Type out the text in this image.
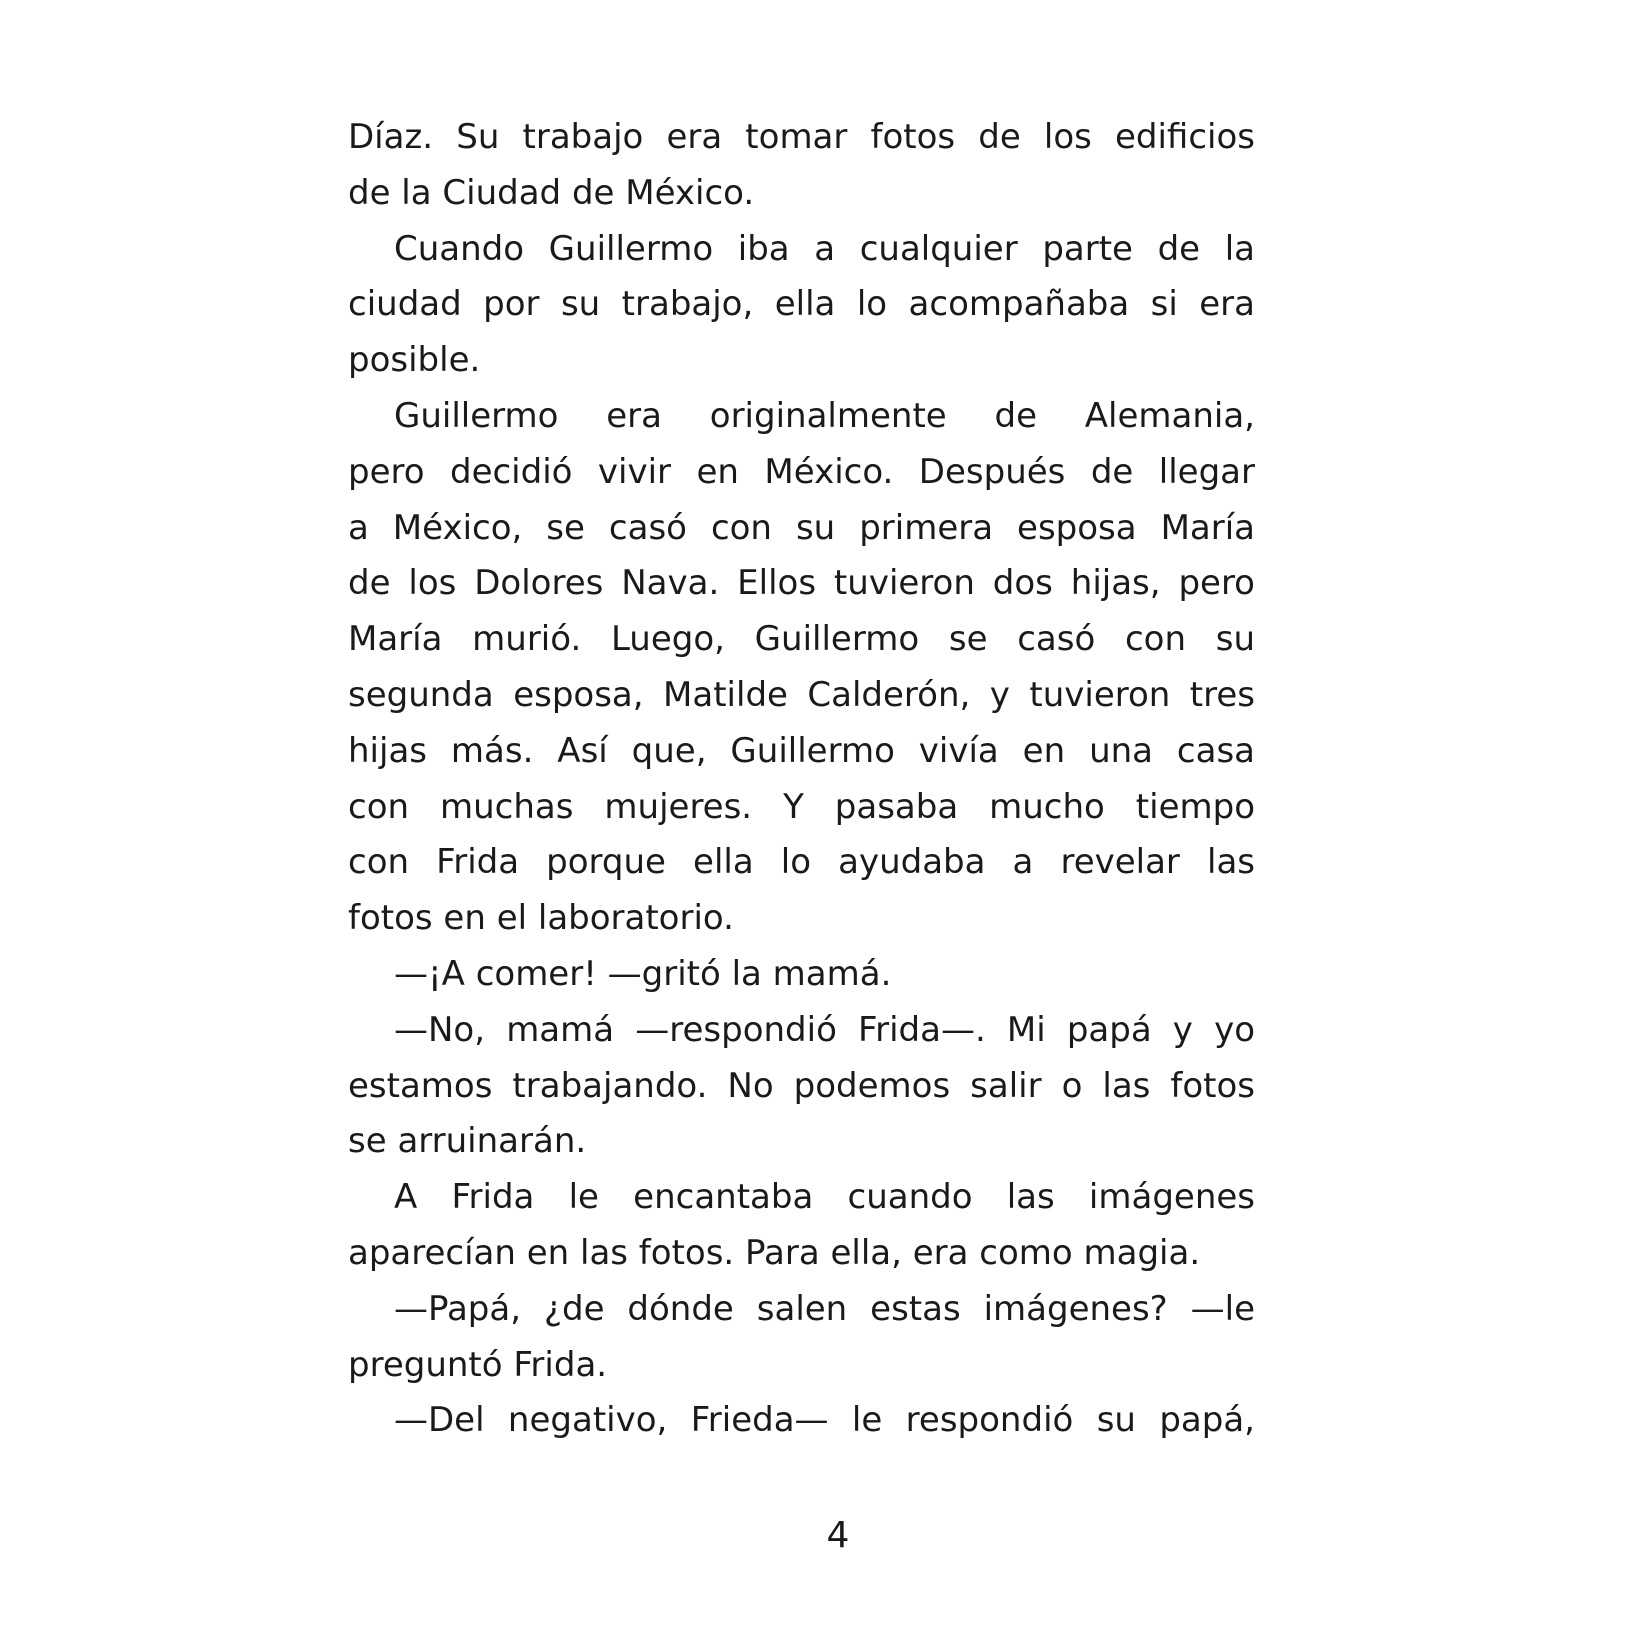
Díaz. Su trabajo era tomar fotos de los edificios
de la Ciudad de México.
Cuando Guillermo iba a cualquier parte de la
ciudad por su trabajo, ella lo acompañaba si era
posible.
Guillermo era originalmente de Alemania,
pero decidió vivir en México. Después de llegar
a México, se casó con su primera esposa María
de los Dolores Nava. Ellos tuvieron dos hijas, pero
María murió. Luego, Guillermo se casó con su
segunda esposa, Matilde Calderón, y tuvieron tres
hijas más. Así que, Guillermo vivía en una casa
con muchas mujeres. Y pasaba mucho tiempo
con Frida porque ella lo ayudaba a revelar las
fotos en el laboratorio.
—¡A comer! —gritó la mamá.
—No, mamá —respondió Frida—. Mi papá y yo
estamos trabajando. No podemos salir o las fotos
se arruinarán.
A Frida le encantaba cuando las imágenes
aparecían en las fotos. Para ella, era como magia.
—Papá, ¿de dónde salen estas imágenes? —le
preguntó Frida.
—Del negativo, Frieda— le respondió su papá,
4
